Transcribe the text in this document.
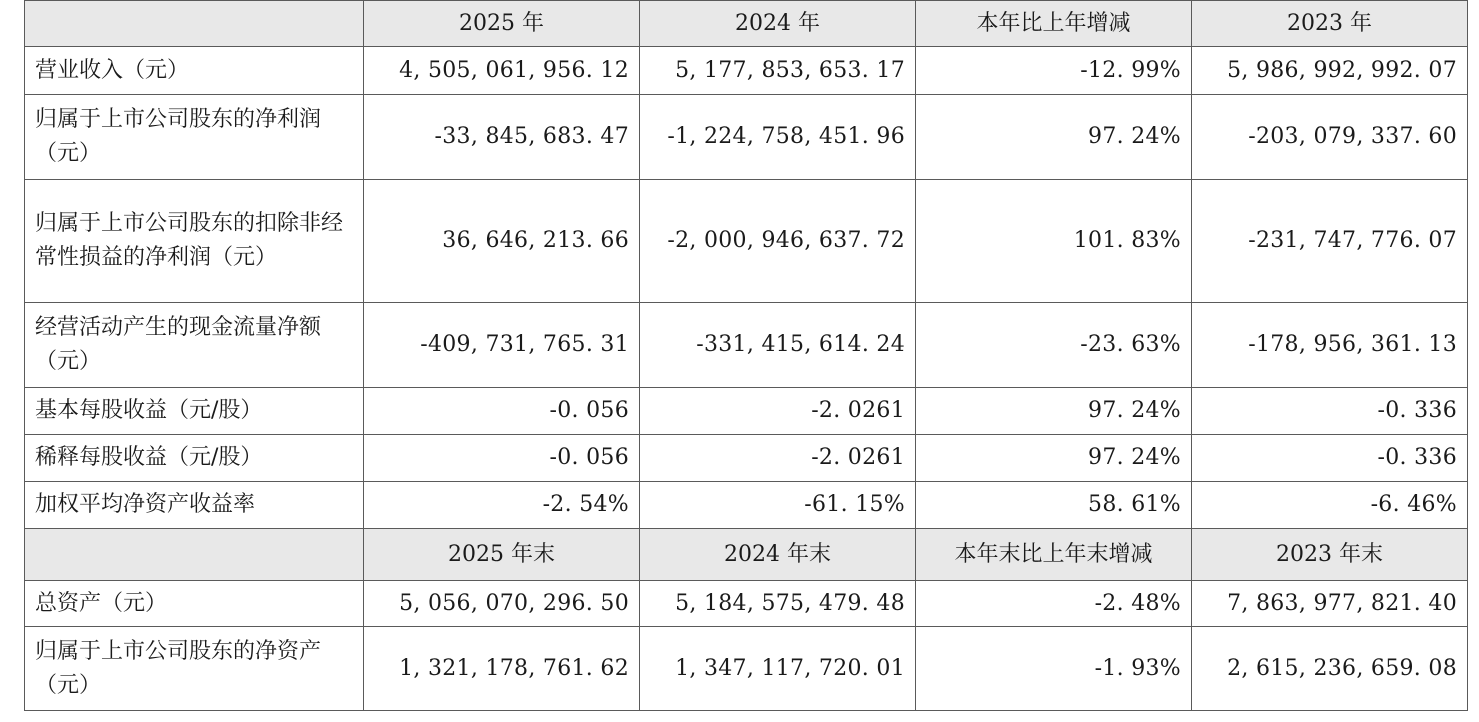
	2025 年	2024 年	本年比上年增减	2023 年
营业收入（元）	4, 505, 061, 956. 12	5, 177, 853, 653. 17	-12. 99%	5, 986, 992, 992. 07
归属于上市公司股东的净利润（元）	-33, 845, 683. 47	-1, 224, 758, 451. 96	97. 24%	-203, 079, 337. 60
归属于上市公司股东的扣除非经常性损益的净利润（元）	36, 646, 213. 66	-2, 000, 946, 637. 72	101. 83%	-231, 747, 776. 07
经营活动产生的现金流量净额（元）	-409, 731, 765. 31	-331, 415, 614. 24	-23. 63%	-178, 956, 361. 13
基本每股收益（元/股）	-0. 056	-2. 0261	97. 24%	-0. 336
稀释每股收益（元/股）	-0. 056	-2. 0261	97. 24%	-0. 336
加权平均净资产收益率	-2. 54%	-61. 15%	58. 61%	-6. 46%
	2025 年末	2024 年末	本年末比上年末增减	2023 年末
总资产（元）	5, 056, 070, 296. 50	5, 184, 575, 479. 48	-2. 48%	7, 863, 977, 821. 40
归属于上市公司股东的净资产（元）	1, 321, 178, 761. 62	1, 347, 117, 720. 01	-1. 93%	2, 615, 236, 659. 08
